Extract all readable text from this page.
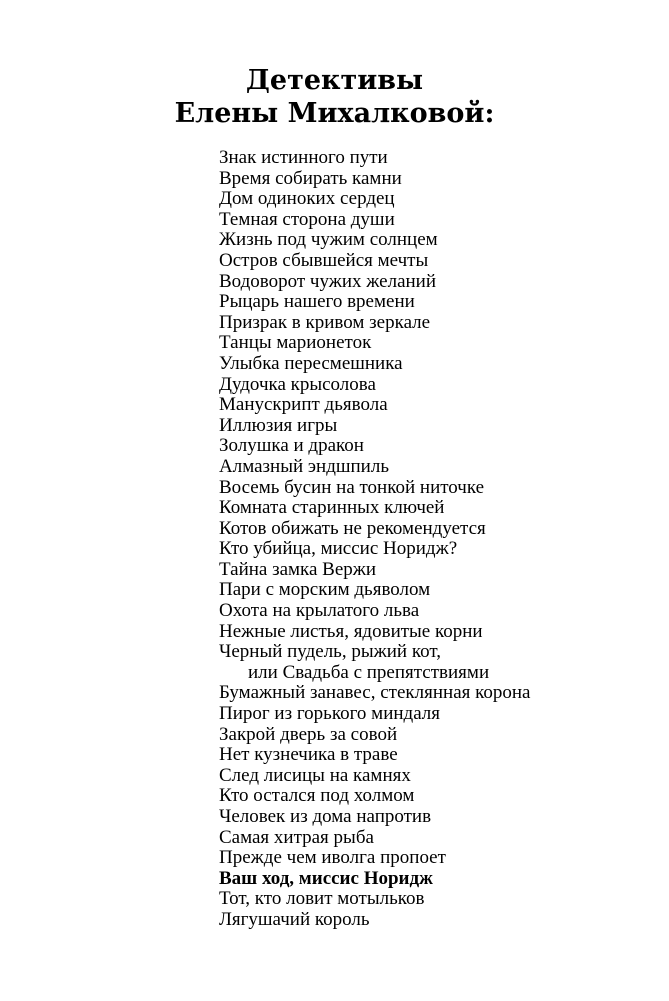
Детективы
Елены Михалковой:
Знак истинного пути
Время собирать камни
Дом одиноких сердец
Темная сторона души
Жизнь под чужим солнцем
Остров сбывшейся мечты
Водоворот чужих желаний
Рыцарь нашего времени
Призрак в кривом зеркале
Танцы марионеток
Улыбка пересмешника
Дудочка крысолова
Манускрипт дьявола
Иллюзия игры
Золушка и дракон
Алмазный эндшпиль
Восемь бусин на тонкой ниточке
Комната старинных ключей
Котов обижать не рекомендуется
Кто убийца, миссис Норидж?
Тайна замка Вержи
Пари с морским дьяволом
Охота на крылатого льва
Нежные листья, ядовитые корни
Черный пудель, рыжий кот,
или Свадьба с препятствиями
Бумажный занавес, стеклянная корона
Пирог из горького миндаля
Закрой дверь за совой
Нет кузнечика в траве
След лисицы на камнях
Кто остался под холмом
Человек из дома напротив
Самая хитрая рыба
Прежде чем иволга пропоет
Ваш ход, миссис Норидж
Тот, кто ловит мотыльков
Лягушачий король
